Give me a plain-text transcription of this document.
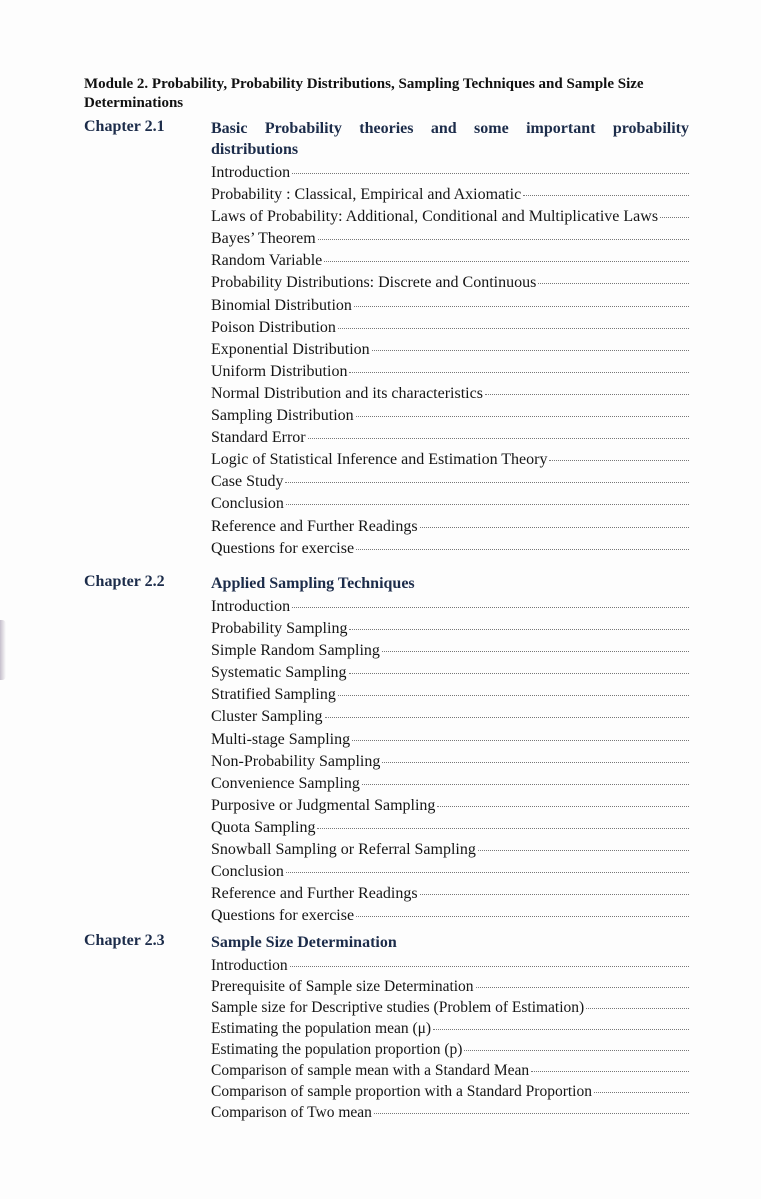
Module 2. Probability, Probability Distributions, Sampling Techniques and Sample Size Determinations
Chapter 2.1	Basic Probability theories and some important probability distributions
Introduction
Probability : Classical, Empirical and Axiomatic
Laws of Probability: Additional, Conditional and Multiplicative Laws
Bayes’ Theorem
Random Variable
Probability Distributions: Discrete and Continuous
Binomial Distribution
Poison Distribution
Exponential Distribution
Uniform Distribution
Normal Distribution and its characteristics
Sampling Distribution
Standard Error
Logic of Statistical Inference and Estimation Theory
Case Study
Conclusion
Reference and Further Readings
Questions for exercise
Chapter 2.2	Applied Sampling Techniques
Introduction
Probability Sampling
Simple Random Sampling
Systematic Sampling
Stratified Sampling
Cluster Sampling
Multi-stage Sampling
Non-Probability Sampling
Convenience Sampling
Purposive or Judgmental Sampling
Quota Sampling
Snowball Sampling or Referral Sampling
Conclusion
Reference and Further Readings
Questions for exercise
Chapter 2.3	Sample Size Determination
Introduction
Prerequisite of Sample size Determination
Sample size for Descriptive studies (Problem of Estimation)
Estimating the population mean (μ)
Estimating the population proportion (p)
Comparison of sample mean with a Standard Mean
Comparison of sample proportion with a Standard Proportion
Comparison of Two mean
